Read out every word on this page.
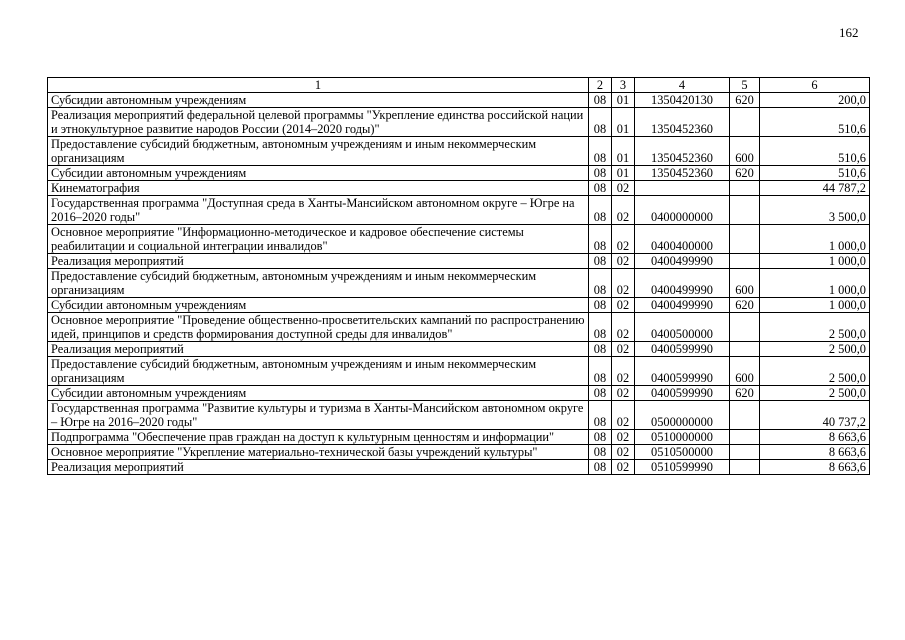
162
1	2	3	4	5	6
Субсидии автономным учреждениям	08	01	1350420130	620	200,0
Реализация мероприятий федеральной целевой программы "Укрепление единства российской нации и этнокультурное развитие народов России (2014–2020 годы)"	08	01	1350452360		510,6
Предоставление субсидий бюджетным, автономным учреждениям и иным некоммерческим организациям	08	01	1350452360	600	510,6
Субсидии автономным учреждениям	08	01	1350452360	620	510,6
Кинематография	08	02			44 787,2
Государственная программа "Доступная среда в Ханты-Мансийском автономном округе – Югре на 2016–2020 годы"	08	02	0400000000		3 500,0
Основное мероприятие "Информационно-методическое и кадровое обеспечение системы реабилитации и социальной интеграции инвалидов"	08	02	0400400000		1 000,0
Реализация мероприятий	08	02	0400499990		1 000,0
Предоставление субсидий бюджетным, автономным учреждениям и иным некоммерческим организациям	08	02	0400499990	600	1 000,0
Субсидии автономным учреждениям	08	02	0400499990	620	1 000,0
Основное мероприятие "Проведение общественно-просветительских кампаний по распространению идей, принципов и средств формирования доступной среды для инвалидов"	08	02	0400500000		2 500,0
Реализация мероприятий	08	02	0400599990		2 500,0
Предоставление субсидий бюджетным, автономным учреждениям и иным некоммерческим организациям	08	02	0400599990	600	2 500,0
Субсидии автономным учреждениям	08	02	0400599990	620	2 500,0
Государственная программа "Развитие культуры и туризма в Ханты-Мансийском автономном округе – Югре на 2016–2020 годы"	08	02	0500000000		40 737,2
Подпрограмма "Обеспечение прав граждан на доступ к культурным ценностям и информации"	08	02	0510000000		8 663,6
Основное мероприятие "Укрепление материально-технической базы учреждений культуры"	08	02	0510500000		8 663,6
Реализация мероприятий	08	02	0510599990		8 663,6
